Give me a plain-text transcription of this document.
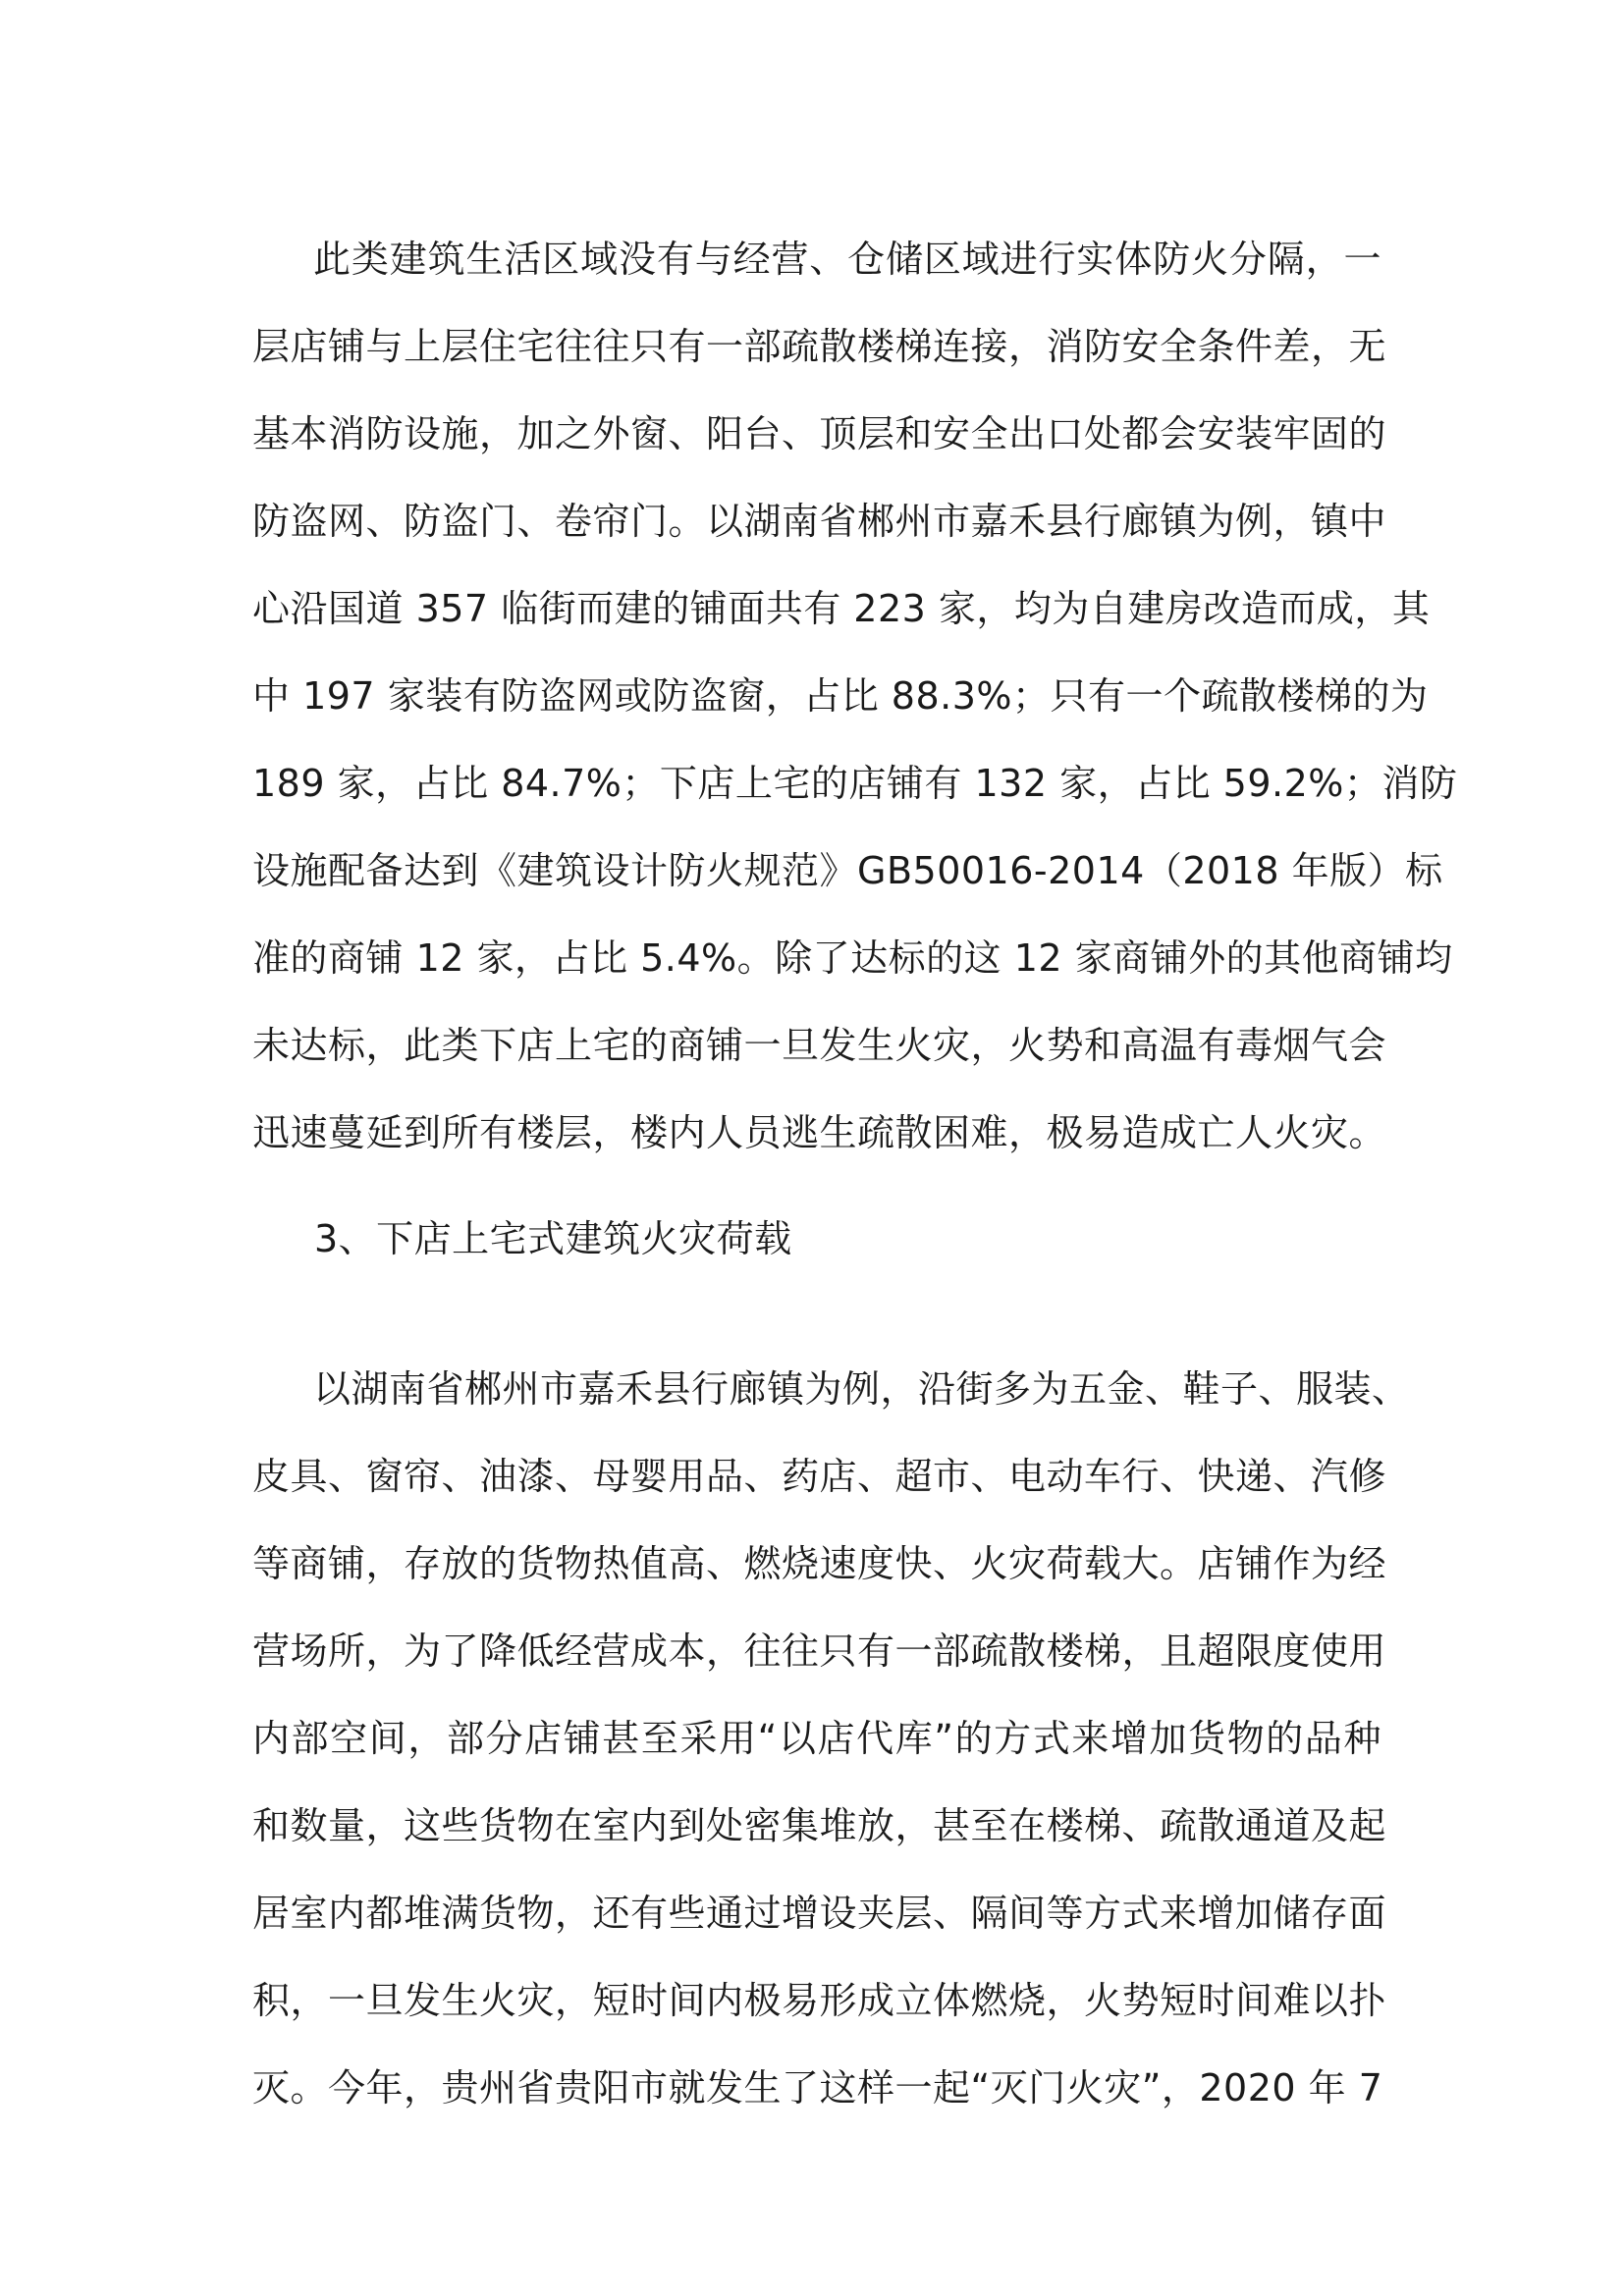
此类建筑生活区域没有与经营、仓储区域进行实体防火分隔，一
层店铺与上层住宅往往只有一部疏散楼梯连接，消防安全条件差，无
基本消防设施，加之外窗、阳台、顶层和安全出口处都会安装牢固的
防盗网、防盗门、卷帘门。以湖南省郴州市嘉禾县行廊镇为例，镇中
心沿国道 357 临街而建的铺面共有 223 家，均为自建房改造而成，其
中 197 家装有防盗网或防盗窗，占比 88.3%；只有一个疏散楼梯的为
189 家，占比 84.7%；下店上宅的店铺有 132 家，占比 59.2%；消防
设施配备达到《建筑设计防火规范》GB50016-2014（2018 年版）标
准的商铺 12 家，占比 5.4%。除了达标的这 12 家商铺外的其他商铺均
未达标，此类下店上宅的商铺一旦发生火灾，火势和高温有毒烟气会
迅速蔓延到所有楼层，楼内人员逃生疏散困难，极易造成亡人火灾。
3、下店上宅式建筑火灾荷载
以湖南省郴州市嘉禾县行廊镇为例，沿街多为五金、鞋子、服装、
皮具、窗帘、油漆、母婴用品、药店、超市、电动车行、快递、汽修
等商铺，存放的货物热值高、燃烧速度快、火灾荷载大。店铺作为经
营场所，为了降低经营成本，往往只有一部疏散楼梯，且超限度使用
内部空间，部分店铺甚至采用“以店代库”的方式来增加货物的品种
和数量，这些货物在室内到处密集堆放，甚至在楼梯、疏散通道及起
居室内都堆满货物，还有些通过增设夹层、隔间等方式来增加储存面
积，一旦发生火灾，短时间内极易形成立体燃烧，火势短时间难以扑
灭。今年，贵州省贵阳市就发生了这样一起“灭门火灾”，2020 年 7
